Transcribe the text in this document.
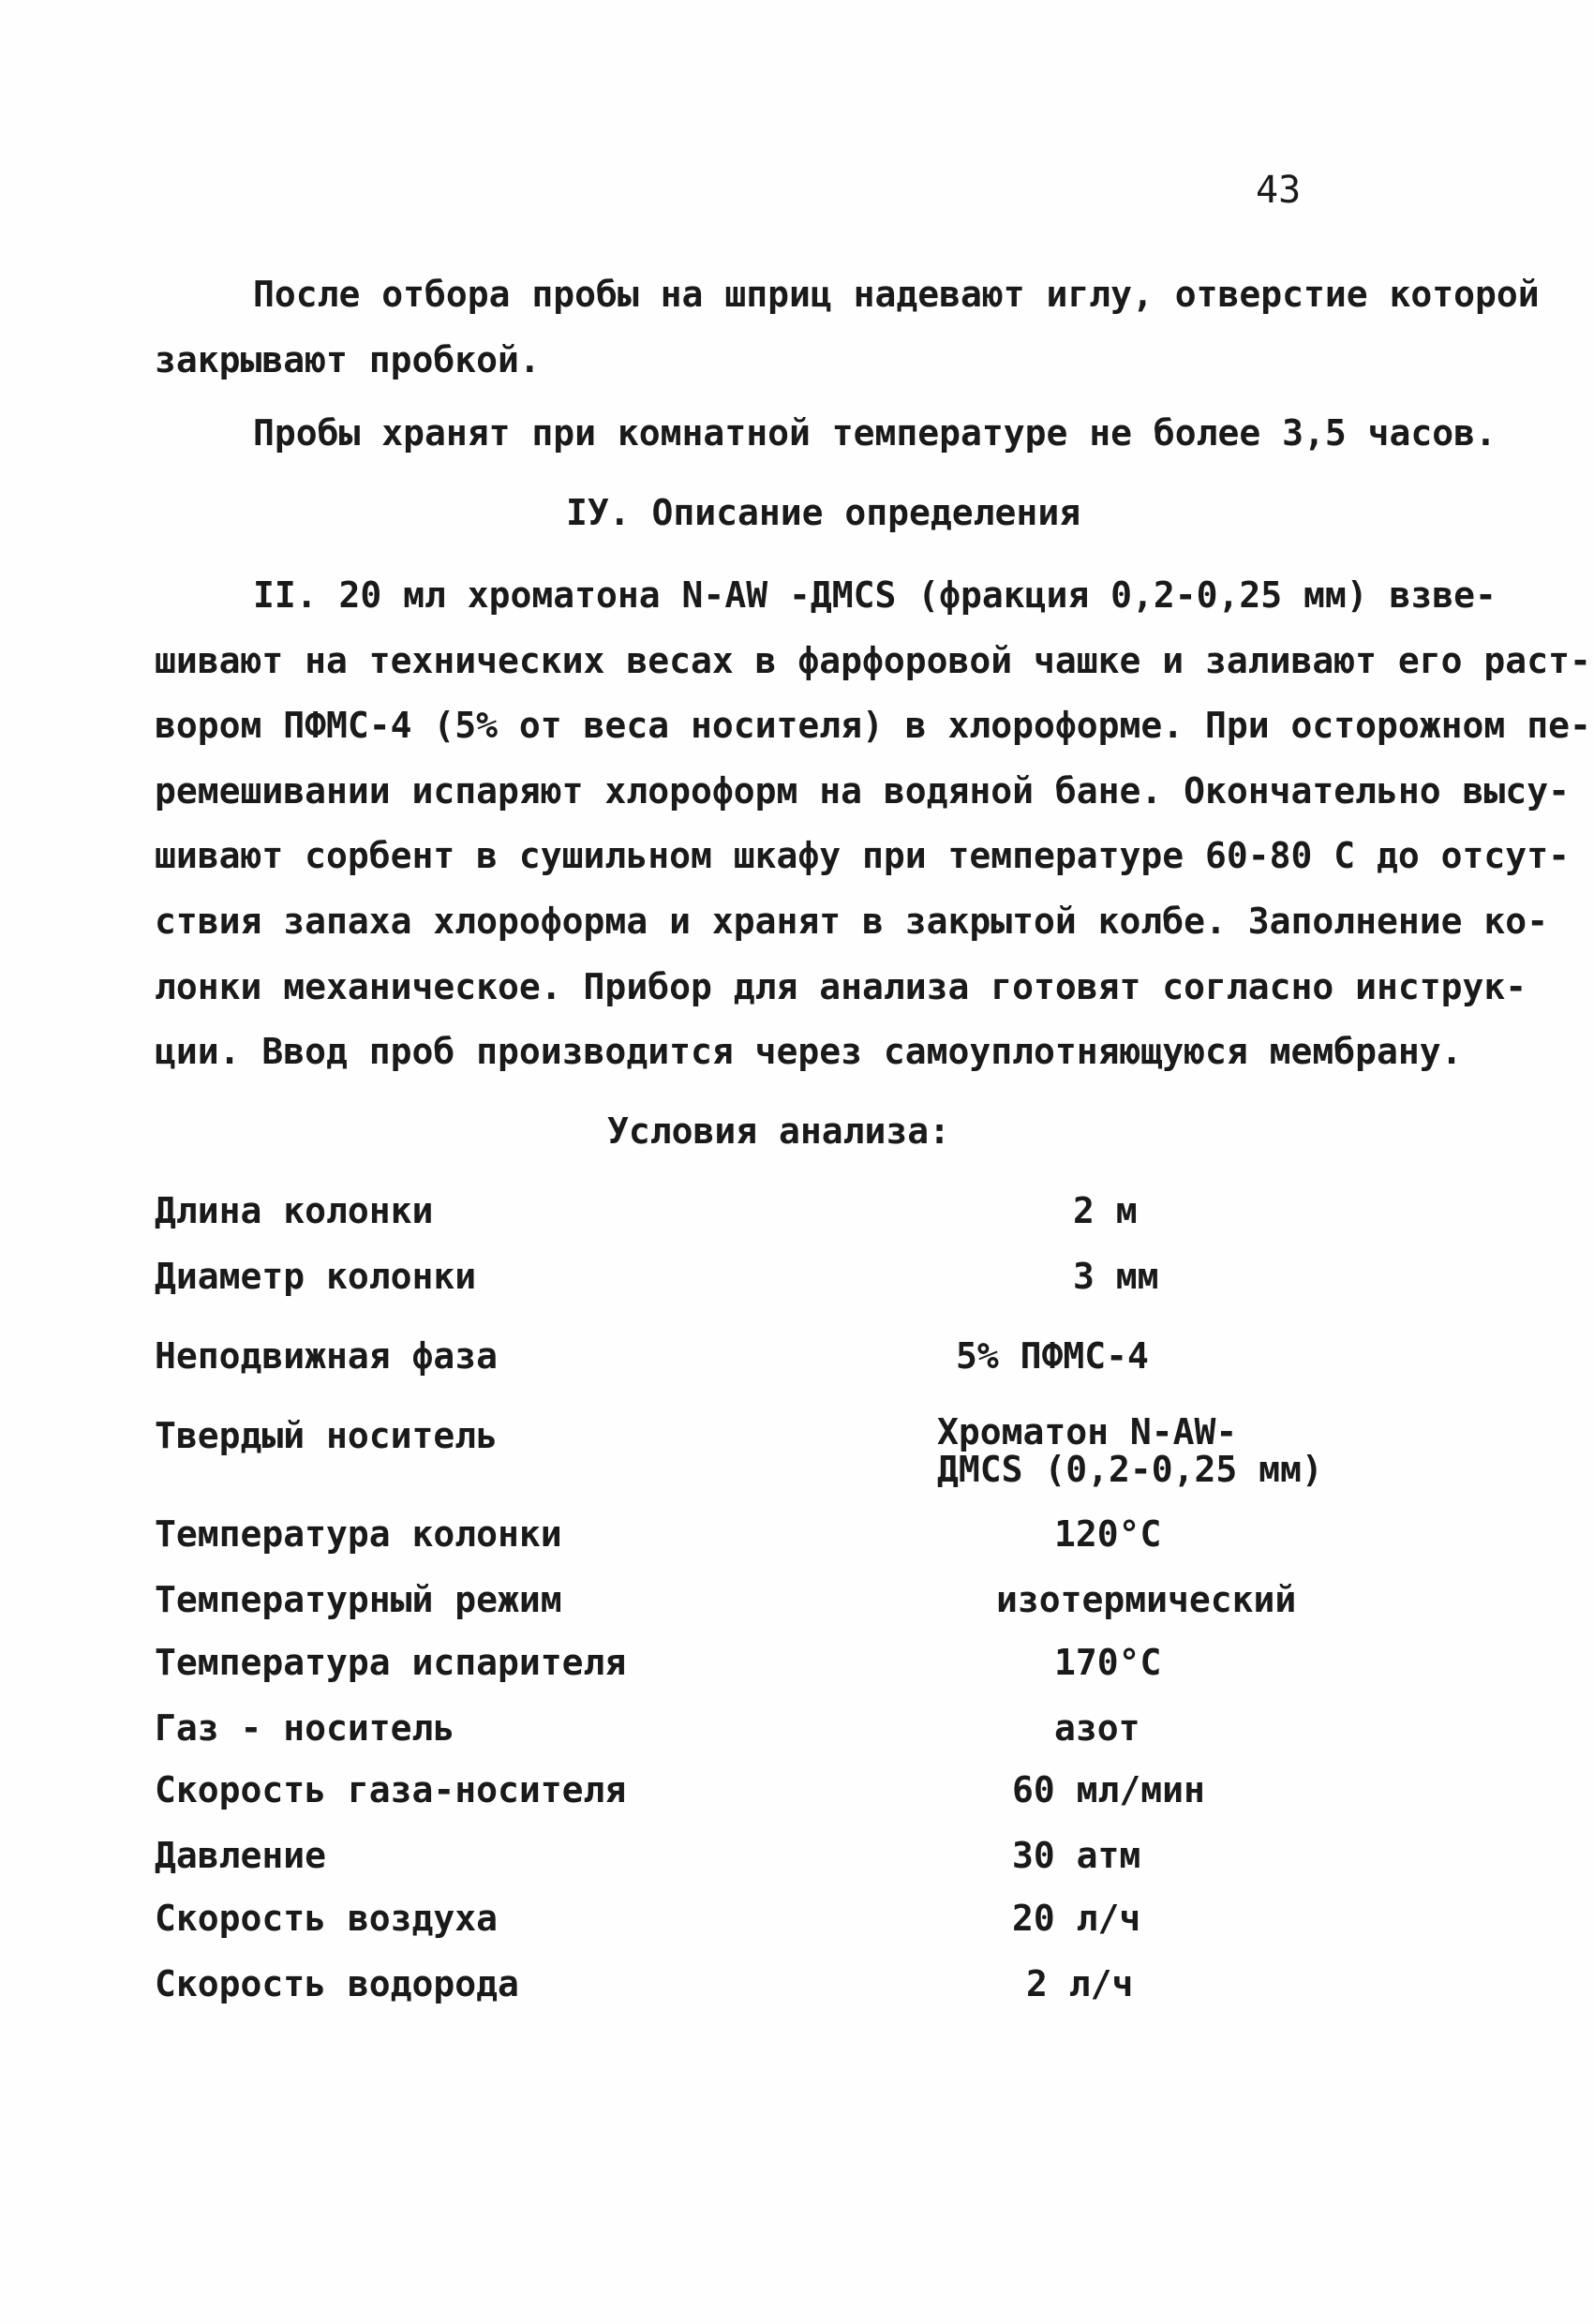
43
После отбора пробы на шприц надевают иглу, отверстие которой
закрывают пробкой.
Пробы хранят при комнатной температуре не более 3,5 часов.
IУ. Описание определения
II. 20 мл хроматона N-AW -ДМCS (фракция 0,2-0,25 мм) взве-
шивают на технических весах в фарфоровой чашке и заливают его раст-
вором ПФМС-4 (5% от веса носителя) в хлороформе. При осторожном пе-
ремешивании испаряют хлороформ на водяной бане. Окончательно высу-
шивают сорбент в сушильном шкафу при температуре 60-80 С до отсут-
ствия запаха хлороформа и хранят в закрытой колбе. Заполнение ко-
лонки механическое. Прибор для анализа готовят согласно инструк-
ции. Ввод проб производится через самоуплотняющуюся мембрану.
Условия анализа:
Длина колонки	2 м
Диаметр колонки	3 мм
Неподвижная фаза	5% ПФМС-4
Твердый носитель	Хроматон N-AW-
ДМCS (0,2-0,25 мм)
Температура колонки	120°С
Температурный режим	изотермический
Температура испарителя	170°С
Газ - носитель	азот
Скорость газа-носителя	60 мл/мин
Давление	30 атм
Скорость воздуха	20 л/ч
Скорость водорода	2 л/ч
